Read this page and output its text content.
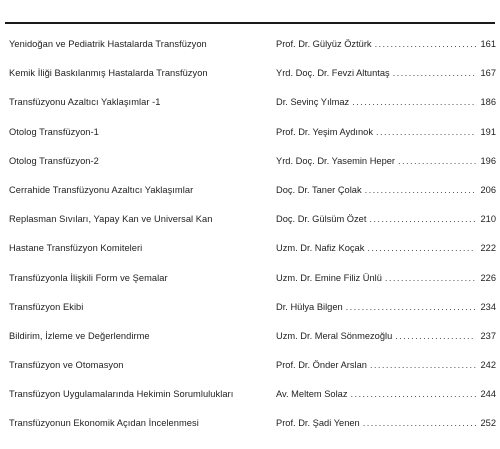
Yenidoğan ve Pediatrik Hastalarda Transfüzyon	Prof. Dr. Gülyüz Öztürk .......................... 161
Kemik İliği Baskılanmış Hastalarda Transfüzyon	Yrd. Doç. Dr. Fevzi Altuntaş ..................... 167
Transfüzyonu Azaltıcı Yaklaşımlar -1	Dr. Sevinç Yılmaz ............................... 186
Otolog Transfüzyon-1	Prof. Dr. Yeşim Aydınok ......................... 191
Otolog Transfüzyon-2	Yrd. Doç. Dr. Yasemin Heper .................... 196
Cerrahide Transfüzyonu Azaltıcı Yaklaşımlar	Doç. Dr. Taner Çolak ............................ 206
Replasman Sıvıları, Yapay Kan ve Universal Kan	Doç. Dr. Gülsüm Özet ........................... 210
Hastane Transfüzyon Komiteleri	Uzm. Dr. Nafiz Koçak ........................... 222
Transfüzyonla İlişkili Form ve Şemalar	Uzm. Dr. Emine Filiz Ünlü ....................... 226
Transfüzyon Ekibi	Dr. Hülya Bilgen ................................. 234
Bildirim, İzleme ve Değerlendirme	Uzm. Dr. Meral Sönmezoğlu .................... 237
Transfüzyon ve Otomasyon	Prof. Dr. Önder Arslan ........................... 242
Transfüzyon Uygulamalarında Hekimin Sorumlulukları	Av. Meltem Solaz ................................ 244
Transfüzyonun Ekonomik Açıdan İncelenmesi	Prof. Dr. Şadi Yenen ............................. 252
